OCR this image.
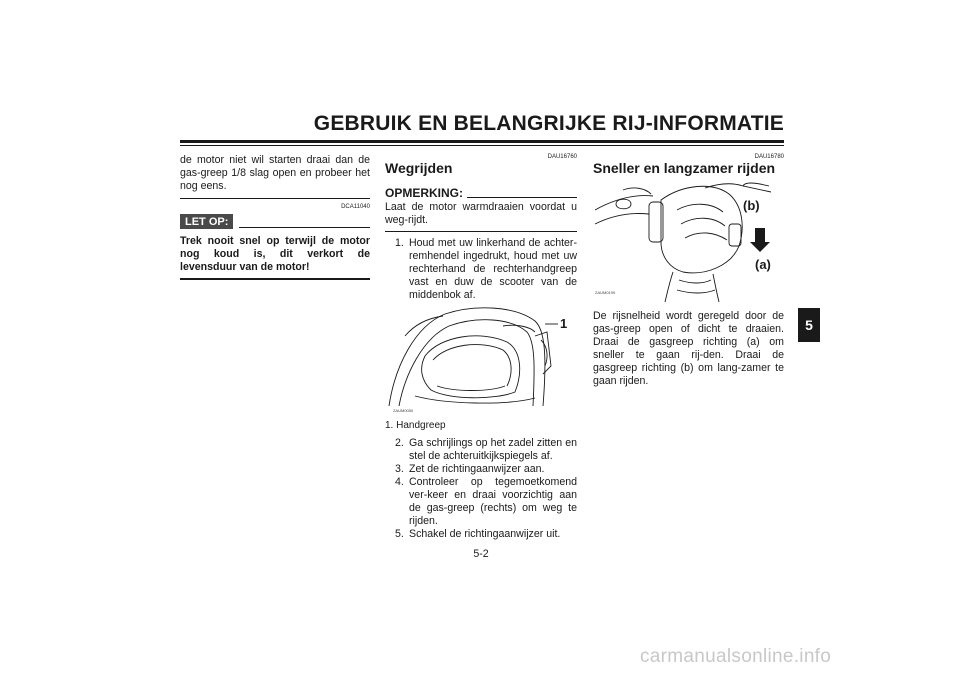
GEBRUIK EN BELANGRIJKE RIJ-INFORMATIE
5
de motor niet wil starten draai dan de gas-greep 1/8 slag open en probeer het nog eens.
DCA11040
LET OP:
Trek nooit snel op terwijl de motor nog koud is, dit verkort de levensduur van de motor!
DAU16760
Wegrijden
OPMERKING:
Laat de motor warmdraaien voordat u weg-rijdt.
1. Houd met uw linkerhand de achter-remhendel ingedrukt, houd met uw rechterhand de rechterhandgreep vast en duw de scooter van de middenbok af.
1
ZAUM0050
1. Handgreep
2. Ga schrijlings op het zadel zitten en stel de achteruitkijkspiegels af.
3. Zet de richtingaanwijzer aan.
4. Controleer op tegemoetkomend ver-keer en draai voorzichtig aan de gas-greep (rechts) om weg te rijden.
5. Schakel de richtingaanwijzer uit.
DAU16780
Sneller en langzamer rijden
(b)
(a)
ZAUM0199
De rijsnelheid wordt geregeld door de gas-greep open of dicht te draaien. Draai de gasgreep richting (a) om sneller te gaan rij-den. Draai de gasgreep richting (b) om lang-zamer te gaan rijden.
5-2
carmanualsonline.info
